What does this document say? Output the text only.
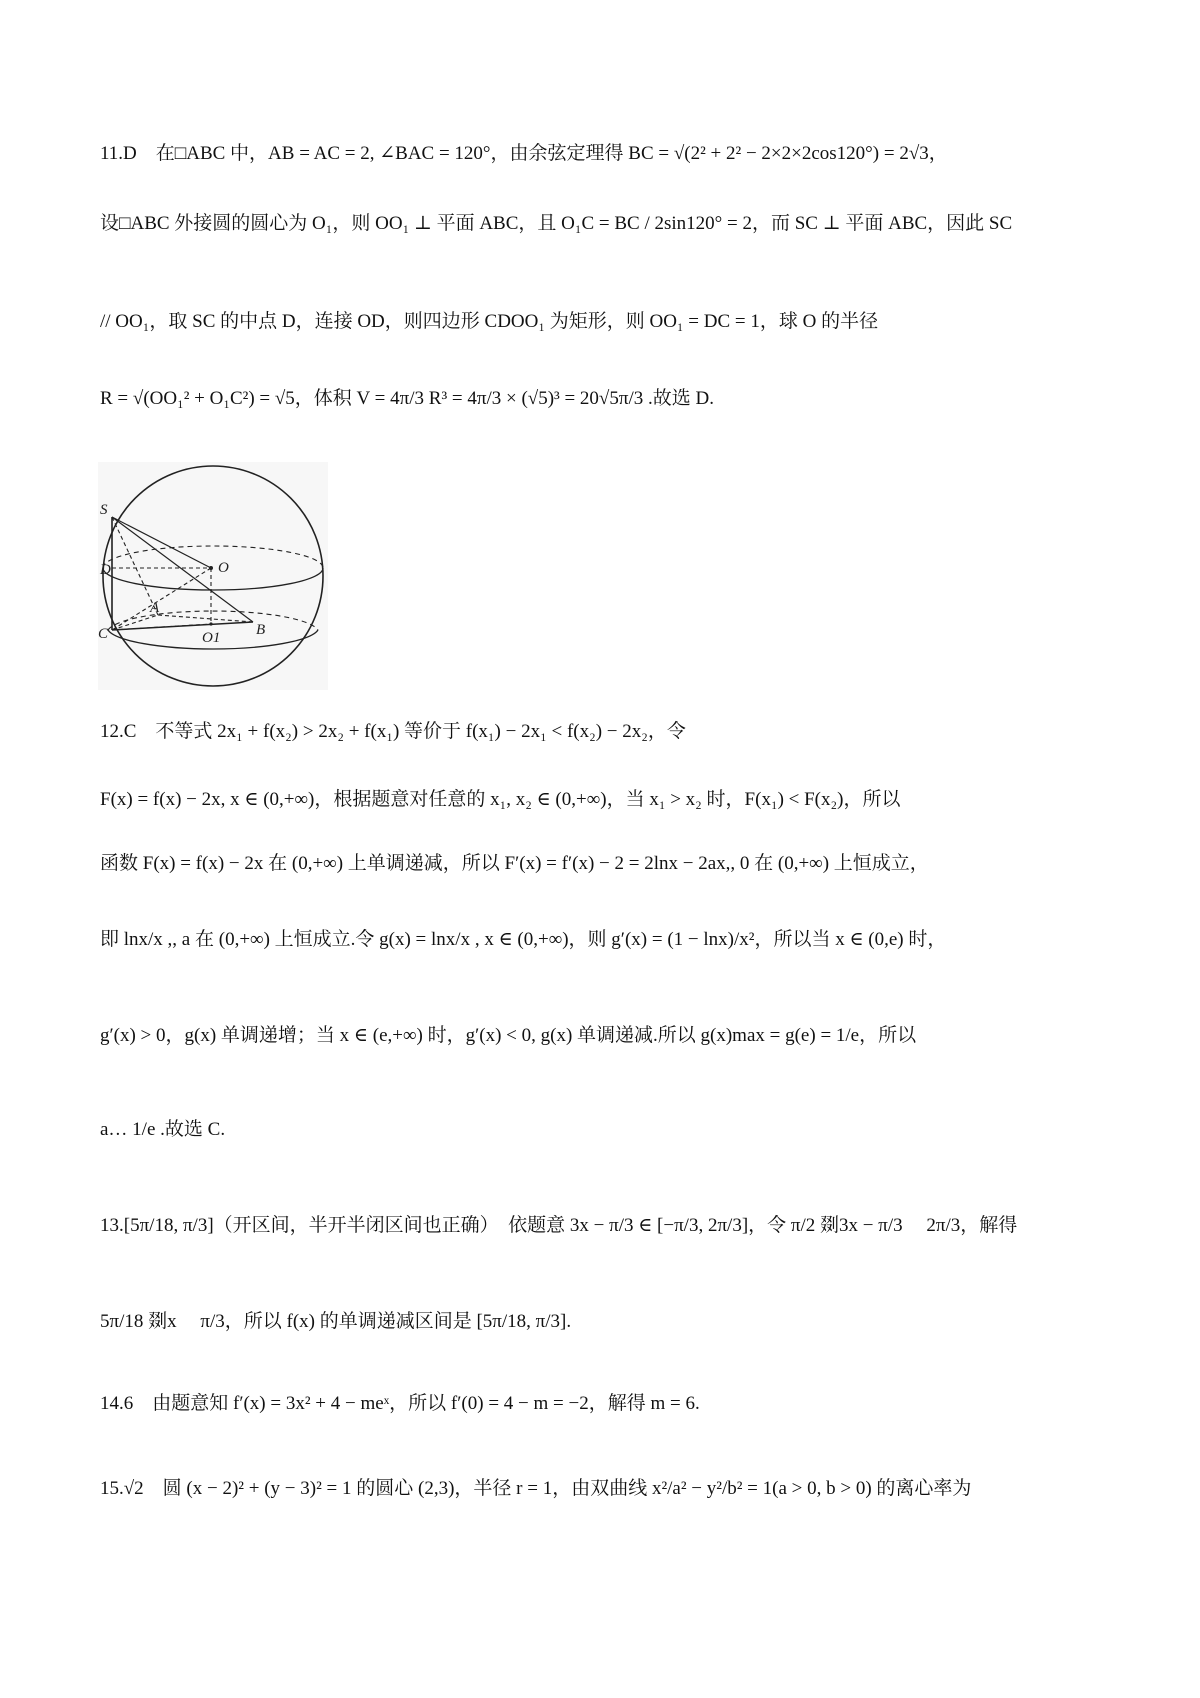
11.D　在□ABC 中，AB = AC = 2, ∠BAC = 120°，由余弦定理得 BC = √(2² + 2² − 2×2×2cos120°) = 2√3，
设□ABC 外接圆的圆心为 O₁，则 OO₁ ⊥ 平面 ABC，且 O₁C = BC / 2sin120° = 2，而 SC ⊥ 平面 ABC，因此 SC
// OO₁，取 SC 的中点 D，连接 OD，则四边形 CDOO₁ 为矩形，则 OO₁ = DC = 1，球 O 的半径
R = √(OO₁² + O₁C²) = √5，体积 V = 4π/3 R³ = 4π/3 × (√5)³ = 20√5π/3 .故选 D.
S
D	O
A
C	O1 B
12.C　不等式 2x₁ + f(x₂) > 2x₂ + f(x₁) 等价于 f(x₁) − 2x₁ < f(x₂) − 2x₂，令
F(x) = f(x) − 2x, x ∈ (0,+∞)，根据题意对任意的 x₁, x₂ ∈ (0,+∞)，当 x₁ > x₂ 时，F(x₁) < F(x₂)，所以
函数 F(x) = f(x) − 2x 在 (0,+∞) 上单调递减，所以 F′(x) = f′(x) − 2 = 2lnx − 2ax,, 0 在 (0,+∞) 上恒成立，
即 lnx/x ,, a 在 (0,+∞) 上恒成立.令 g(x) = lnx/x , x ∈ (0,+∞)，则 g′(x) = (1 − lnx)/x²，所以当 x ∈ (0,e) 时，
g′(x) > 0，g(x) 单调递增；当 x ∈ (e,+∞) 时，g′(x) < 0, g(x) 单调递减.所以 g(x)max = g(e) = 1/e，所以
a… 1/e .故选 C.
13.[5π/18, π/3]（开区间，半开半闭区间也正确）　依题意 3x − π/3 ∈ [−π/3, 2π/3]，令 π/2 剟3x − π/3 　2π/3，解得
5π/18 剟x 　π/3，所以 f(x) 的单调递减区间是 [5π/18, π/3].
14.6　由题意知 f′(x) = 3x² + 4 − meˣ，所以 f′(0) = 4 − m = −2，解得 m = 6.
15.√2　圆 (x − 2)² + (y − 3)² = 1 的圆心 (2,3)，半径 r = 1，由双曲线 x²/a² − y²/b² = 1(a > 0, b > 0) 的离心率为
